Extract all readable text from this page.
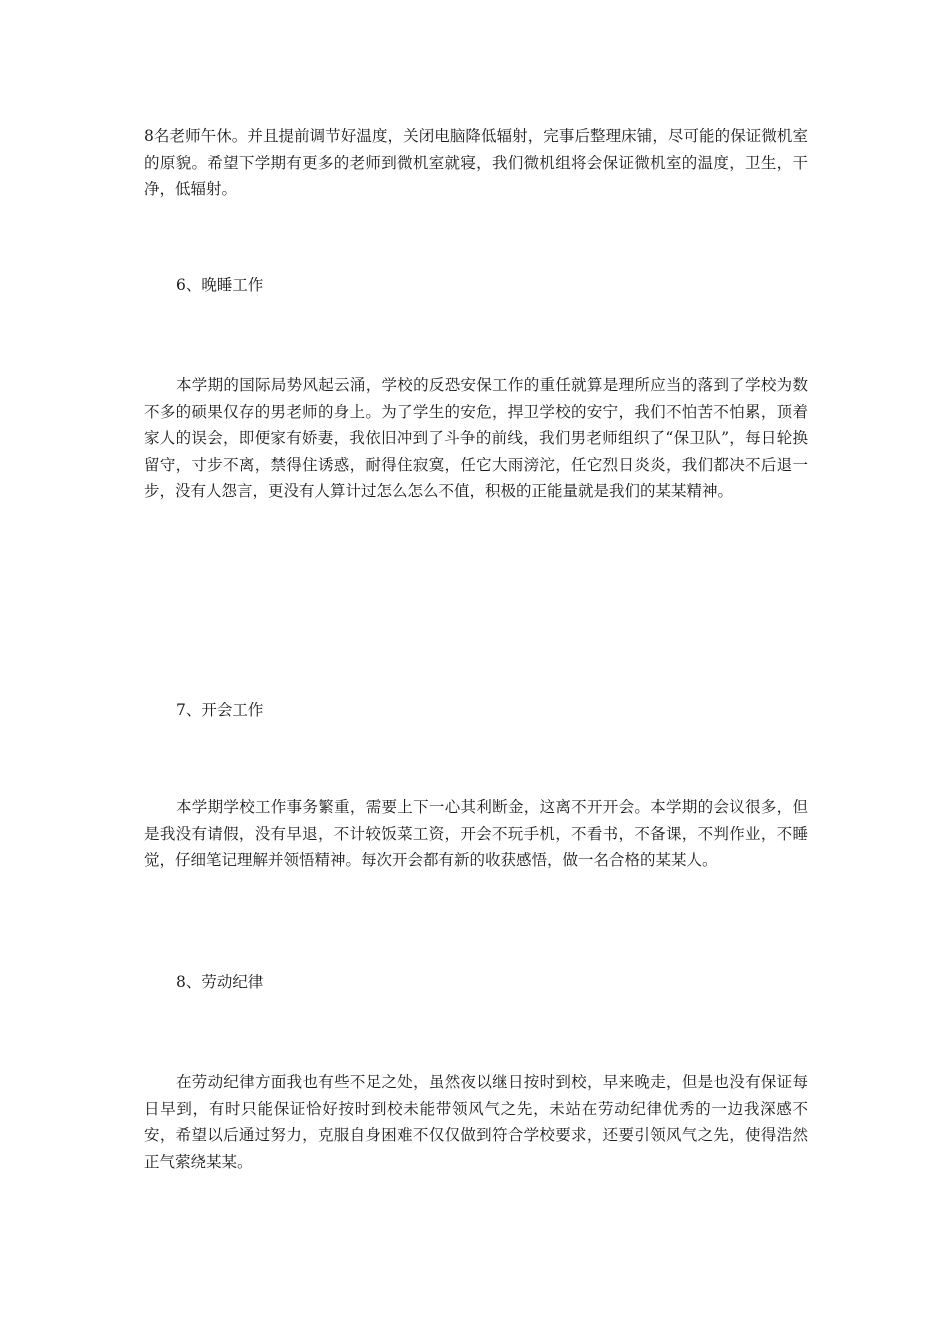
8名老师午休。并且提前调节好温度，关闭电脑降低辐射，完事后整理床铺，尽可能的保证微机室的原貌。希望下学期有更多的老师到微机室就寝，我们微机组将会保证微机室的温度，卫生，干净，低辐射。

6、晚睡工作

本学期的国际局势风起云涌，学校的反恐安保工作的重任就算是理所应当的落到了学校为数不多的硕果仅存的男老师的身上。为了学生的安危，捍卫学校的安宁，我们不怕苦不怕累，顶着家人的误会，即便家有娇妻，我依旧冲到了斗争的前线，我们男老师组织了“保卫队”，每日轮换留守，寸步不离，禁得住诱惑，耐得住寂寞，任它大雨滂沱，任它烈日炎炎，我们都决不后退一步，没有人怨言，更没有人算计过怎么怎么不值，积极的正能量就是我们的某某精神。

7、开会工作

本学期学校工作事务繁重，需要上下一心其利断金，这离不开开会。本学期的会议很多，但是我没有请假，没有早退，不计较饭菜工资，开会不玩手机，不看书，不备课，不判作业，不睡觉，仔细笔记理解并领悟精神。每次开会都有新的收获感悟，做一名合格的某某人。

8、劳动纪律

在劳动纪律方面我也有些不足之处，虽然夜以继日按时到校，早来晚走，但是也没有保证每日早到，有时只能保证恰好按时到校未能带领风气之先，未站在劳动纪律优秀的一边我深感不安，希望以后通过努力，克服自身困难不仅仅做到符合学校要求，还要引领风气之先，使得浩然正气萦绕某某。
